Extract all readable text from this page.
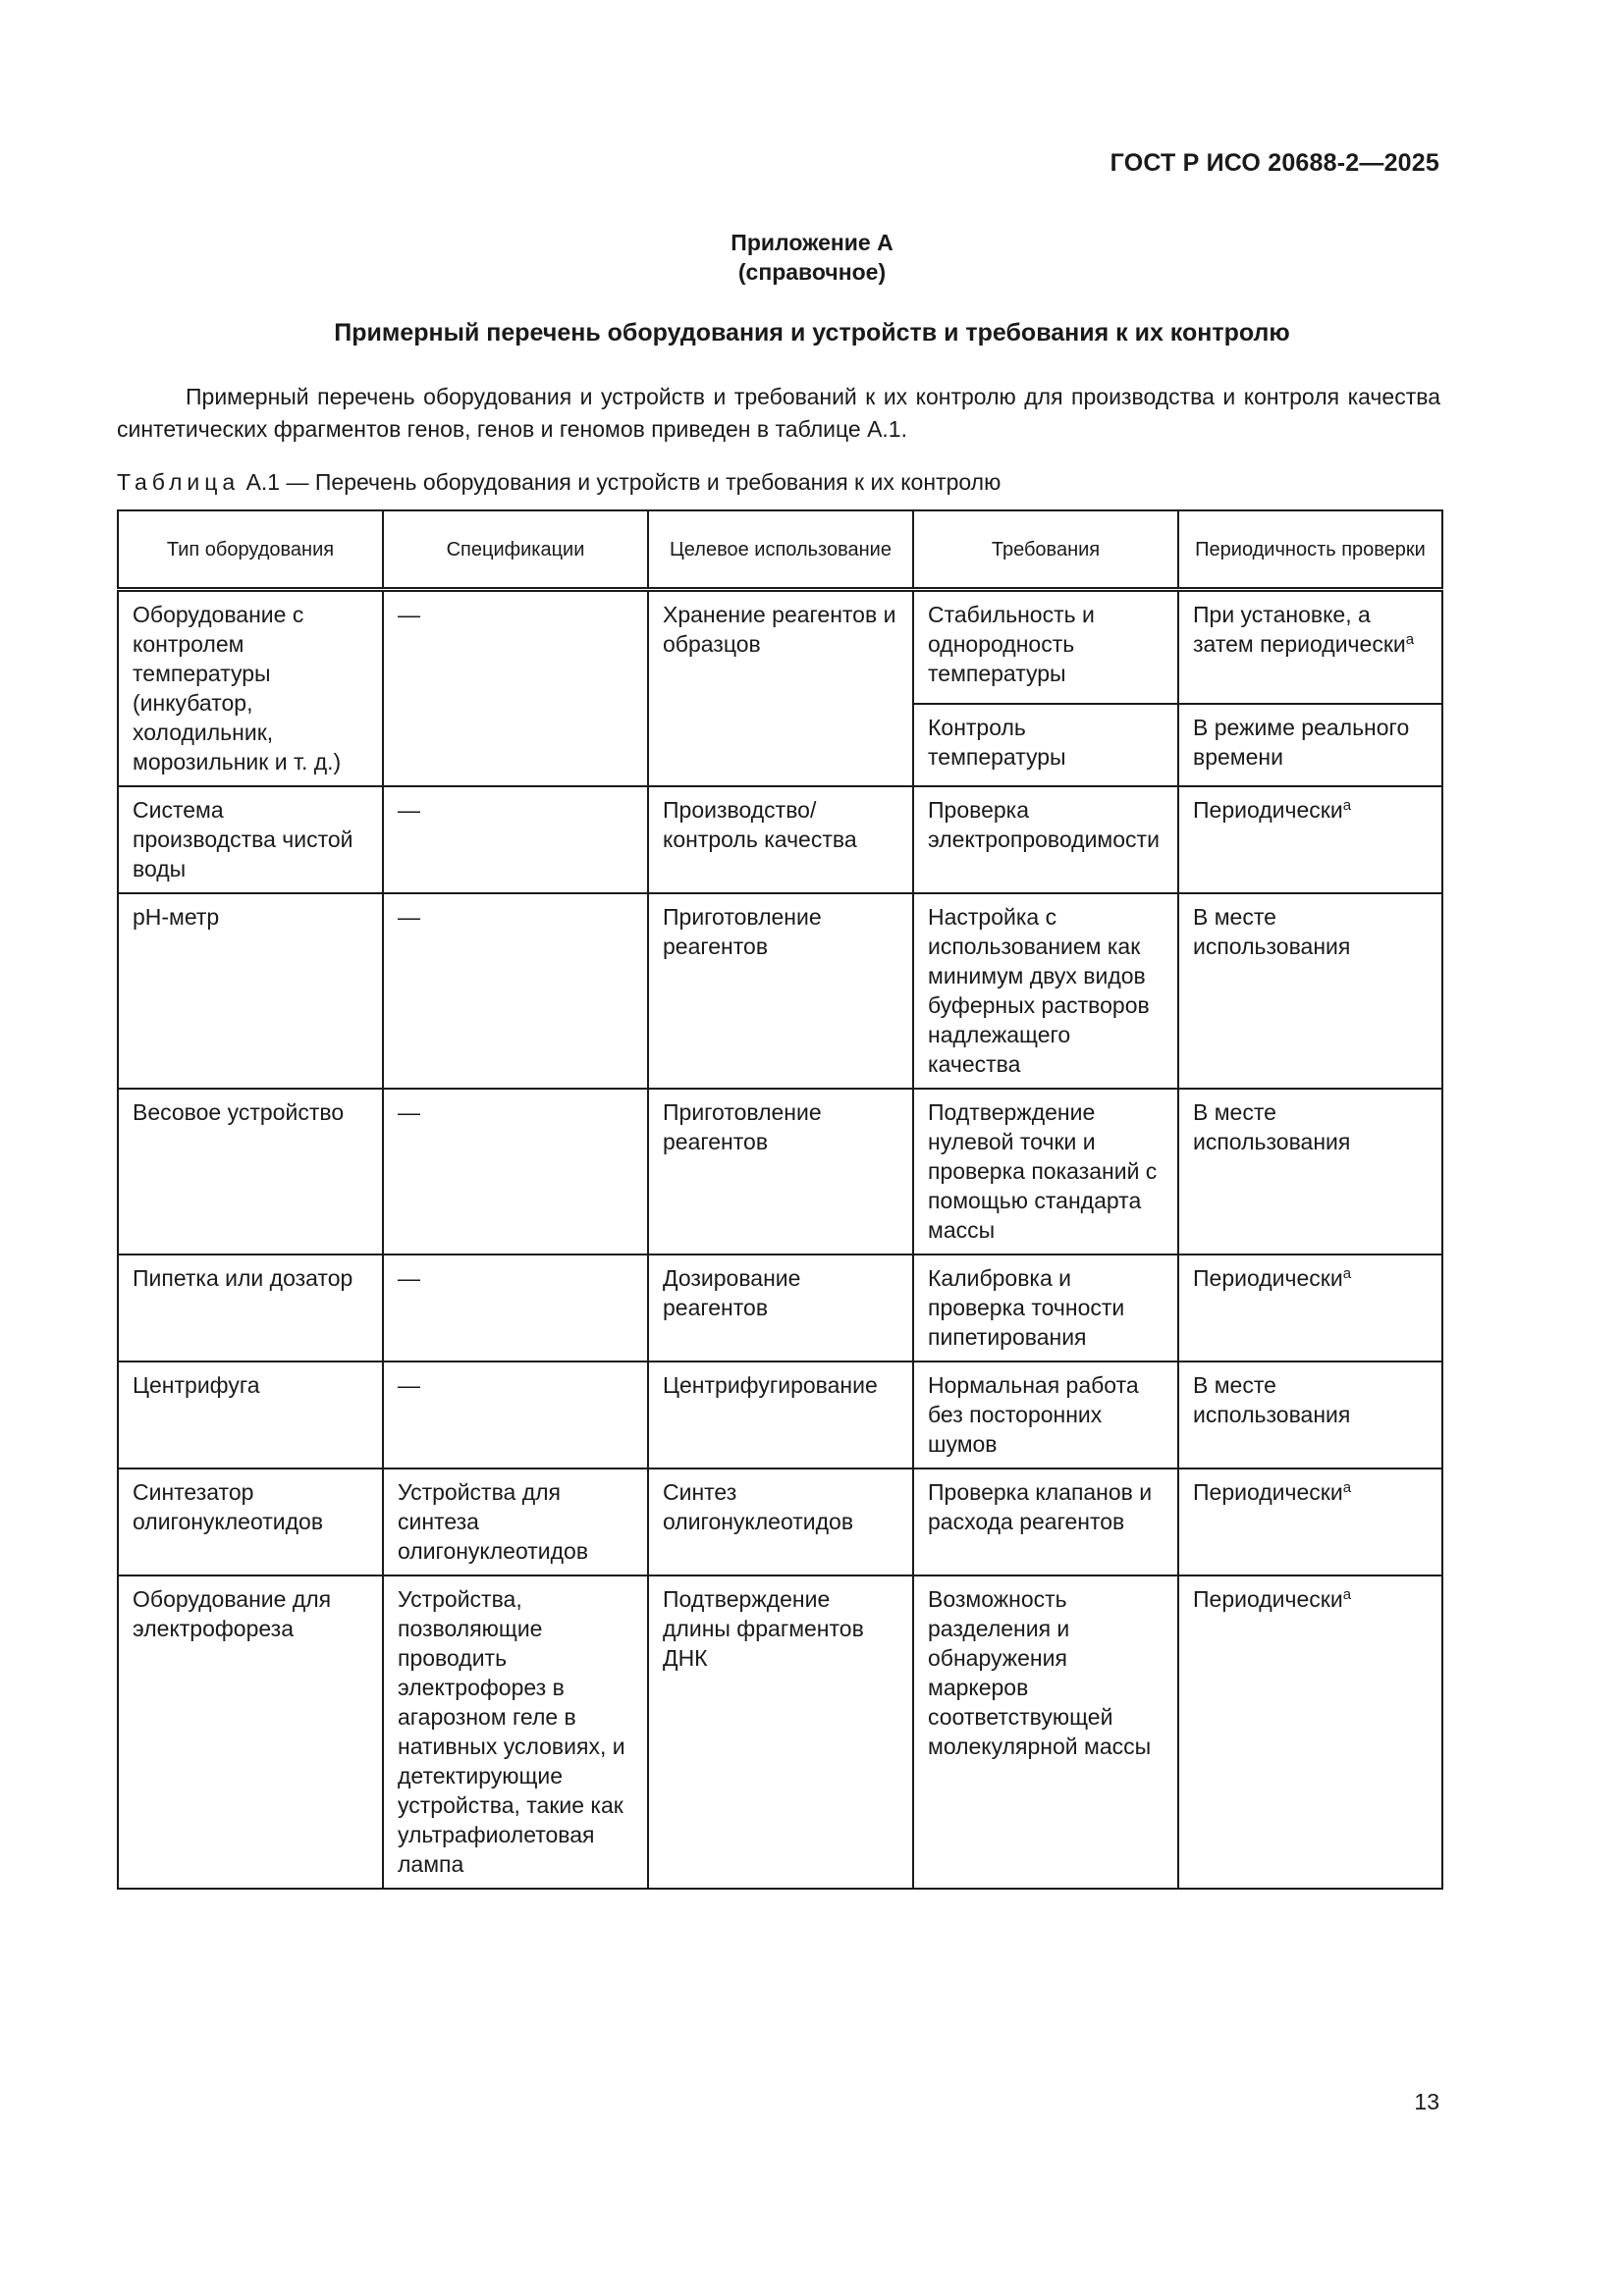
ГОСТ Р ИСО 20688-2—2025
Приложение А
(справочное)
Примерный перечень оборудования и устройств и требования к их контролю

Примерный перечень оборудования и устройств и требований к их контролю для производства и контроля качества синтетических фрагментов генов, генов и геномов приведен в таблице А.1.

Таблица А.1 — Перечень оборудования и устройств и требования к их контролю
Тип оборудования	Спецификации	Целевое использование	Требования	Периодичность проверки
Оборудование с контролем температуры (инкубатор, холодильник, морозильник и т. д.)	—	Хранение реагентов и образцов	Стабильность и однородность температуры	При установке, а затем периодически$^a$
			Контроль температуры	В режиме реального времени
Система производства чистой воды	—	Производство/ контроль качества	Проверка электропроводимости	Периодически$^a$
pH-метр	—	Приготовление реагентов	Настройка с использованием как минимум двух видов буферных растворов надлежащего качества	В месте использования
Весовое устройство	—	Приготовление реагентов	Подтверждение нулевой точки и проверка показаний с помощью стандарта массы	В месте использования
Пипетка или дозатор	—	Дозирование реагентов	Калибровка и проверка точности пипетирования	Периодически$^a$
Центрифуга	—	Центрифугирование	Нормальная работа без посторонних шумов	В месте использования
Синтезатор олигонуклеотидов	Устройства для синтеза олигонуклеотидов	Синтез олигонуклеотидов	Проверка клапанов и расхода реагентов	Периодически$^a$
Оборудование для электрофореза	Устройства, позволяющие проводить электрофорез в агарозном геле в нативных условиях, и детектирующие устройства, такие как ультрафиолетовая лампа	Подтверждение длины фрагментов ДНК	Возможность разделения и обнаружения маркеров соответствующей молекулярной массы	Периодически$^a$
13
